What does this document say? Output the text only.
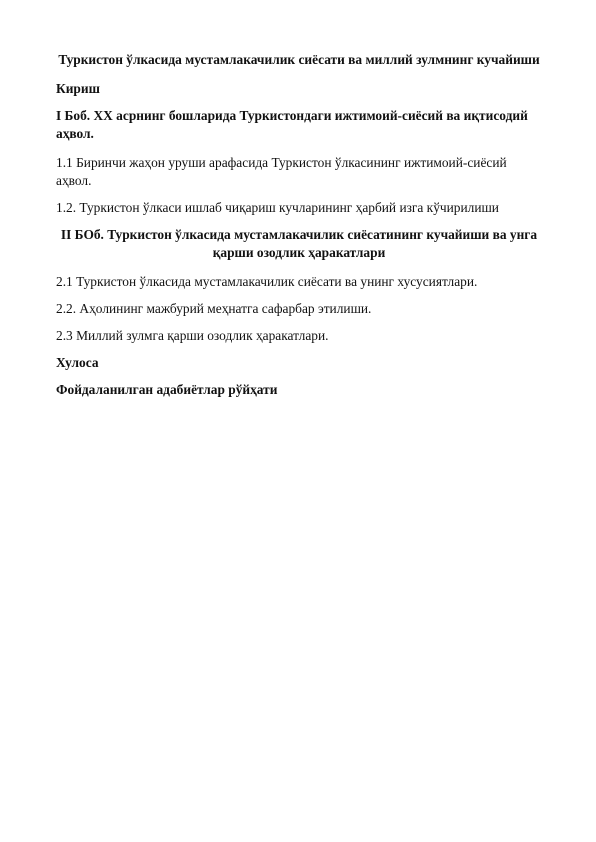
Туркистон ўлкасида мустамлакачилик сиёсати ва миллий зулмнинг кучайиши
Кириш
I Боб. XX асрнинг бошларида Туркистондаги ижтимоий-сиёсий ва иқтисодий аҳвол.
1.1 Биринчи жаҳон уруши арафасида Туркистон ўлкасининг ижтимоий-сиёсий аҳвол.
1.2. Туркистон ўлкаси ишлаб чиқариш кучларининг ҳарбий изга кўчирилиши
II БОб. Туркистон ўлкасида мустамлакачилик сиёсатининг кучайиши ва унга қарши озодлик ҳаракатлари
2.1 Туркистон ўлкасида мустамлакачилик сиёсати ва унинг хусусиятлари.
2.2. Аҳолининг мажбурий меҳнатга сафарбар этилиши.
2.3 Миллий зулмга қарши озодлик ҳаракатлари.
Хулоса
Фойдаланилган адабиётлар рўйҳати
